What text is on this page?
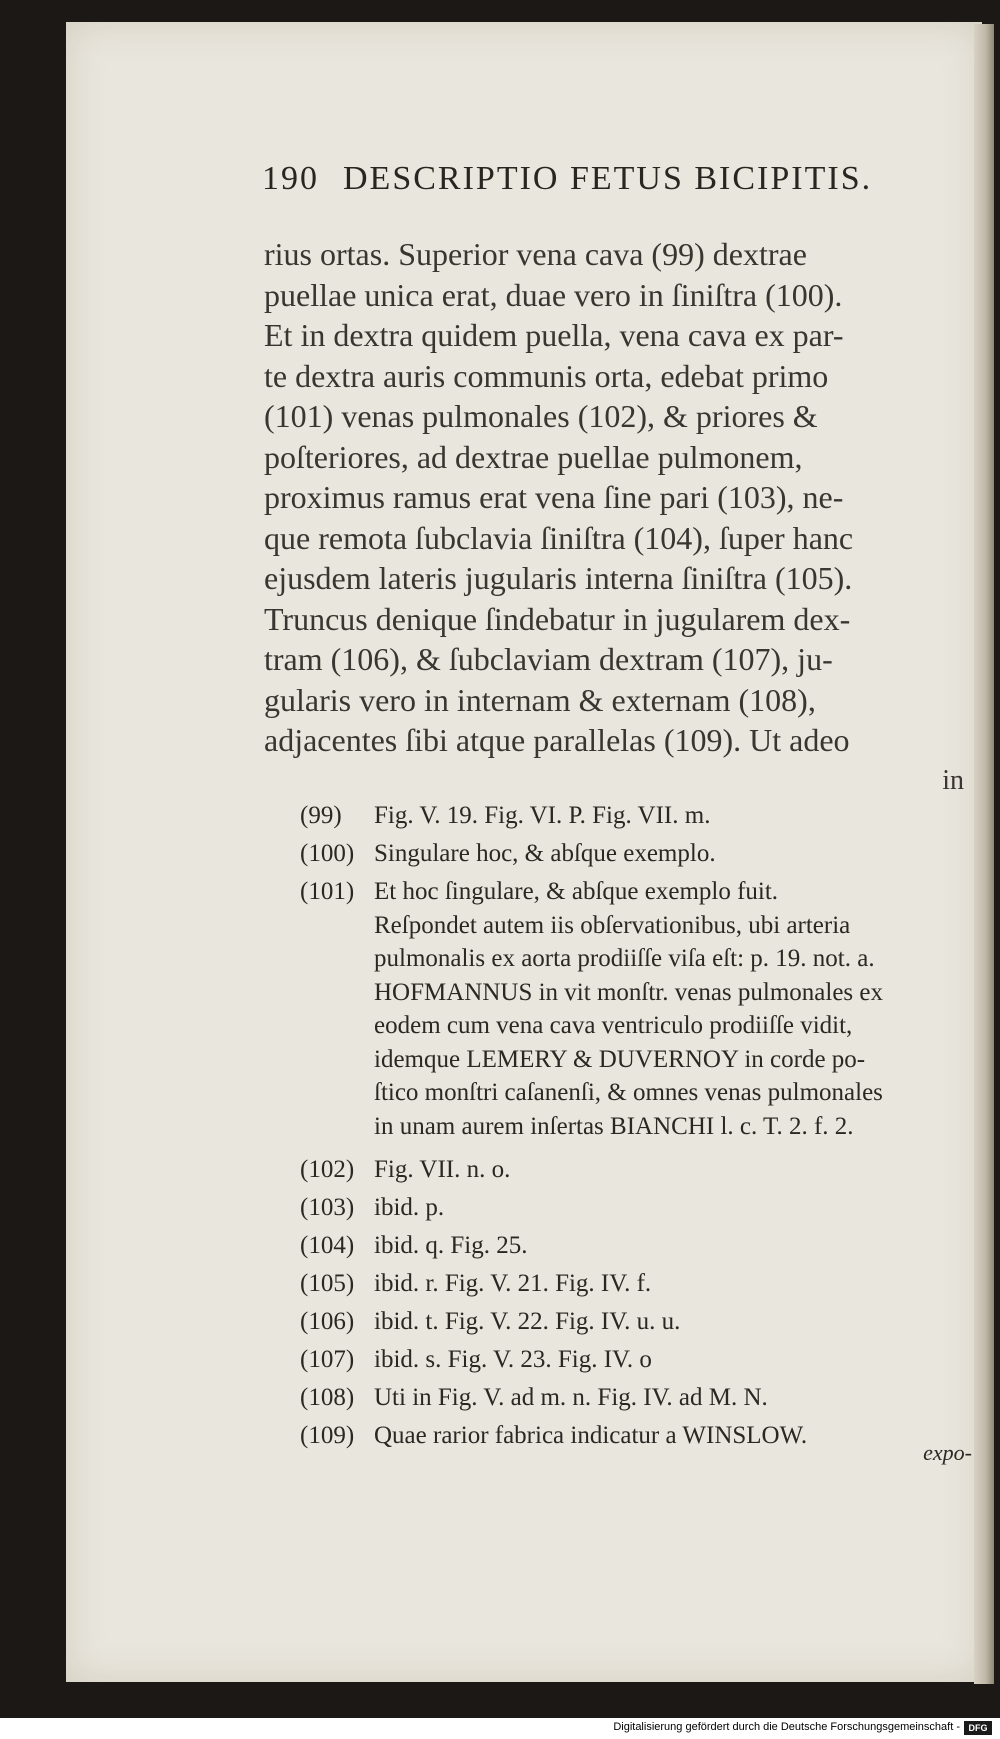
190 DESCRIPTIO FETUS BICIPITIS.
rius ortas. Superior vena cava (99) dextrae
puellae unica erat, duae vero in ſiniſtra (100).
Et in dextra quidem puella, vena cava ex par-
te dextra auris communis orta, edebat primo
(101) venas pulmonales (102), & priores &
poſteriores, ad dextrae puellae pulmonem,
proximus ramus erat vena ſine pari (103), ne-
que remota ſubclavia ſiniſtra (104), ſuper hanc
ejusdem lateris jugularis interna ſiniſtra (105).
Truncus denique ſindebatur in jugularem dex-
tram (106), & ſubclaviam dextram (107), ju-
gularis vero in internam & externam (108),
adjacentes ſibi atque parallelas (109). Ut adeo
in
(99)	Fig. V. 19. Fig. VI. P. Fig. VII. m.
(100) Singulare hoc, & abſque exemplo.
(101) Et hoc ſingulare, & abſque exemplo fuit.
Reſpondet autem iis obſervationibus, ubi arteria
pulmonalis ex aorta prodiiſſe viſa eſt: p. 19. not. a.
HOFMANNUS in vit monſtr. venas pulmonales ex
eodem cum vena cava ventriculo prodiiſſe vidit,
idemque LEMERY & DUVERNOY in corde po-
ſtico monſtri caſanenſi, & omnes venas pulmonales
in unam aurem inſertas BIANCHI l. c. T. 2. f. 2.
(102) Fig. VII. n. o.
(103) ibid. p.
(104) ibid. q. Fig. 25.
(105) ibid. r. Fig. V. 21. Fig. IV. f.
(106) ibid. t. Fig. V. 22. Fig. IV. u. u.
(107) ibid. s. Fig. V. 23. Fig. IV. o
(108) Uti in Fig. V. ad m. n. Fig. IV. ad M. N.
(109) Quae rarior fabrica indicatur a WINSLOW.
expo-
Digitalisierung gefördert durch die Deutsche Forschungsgemeinschaft - DFG
